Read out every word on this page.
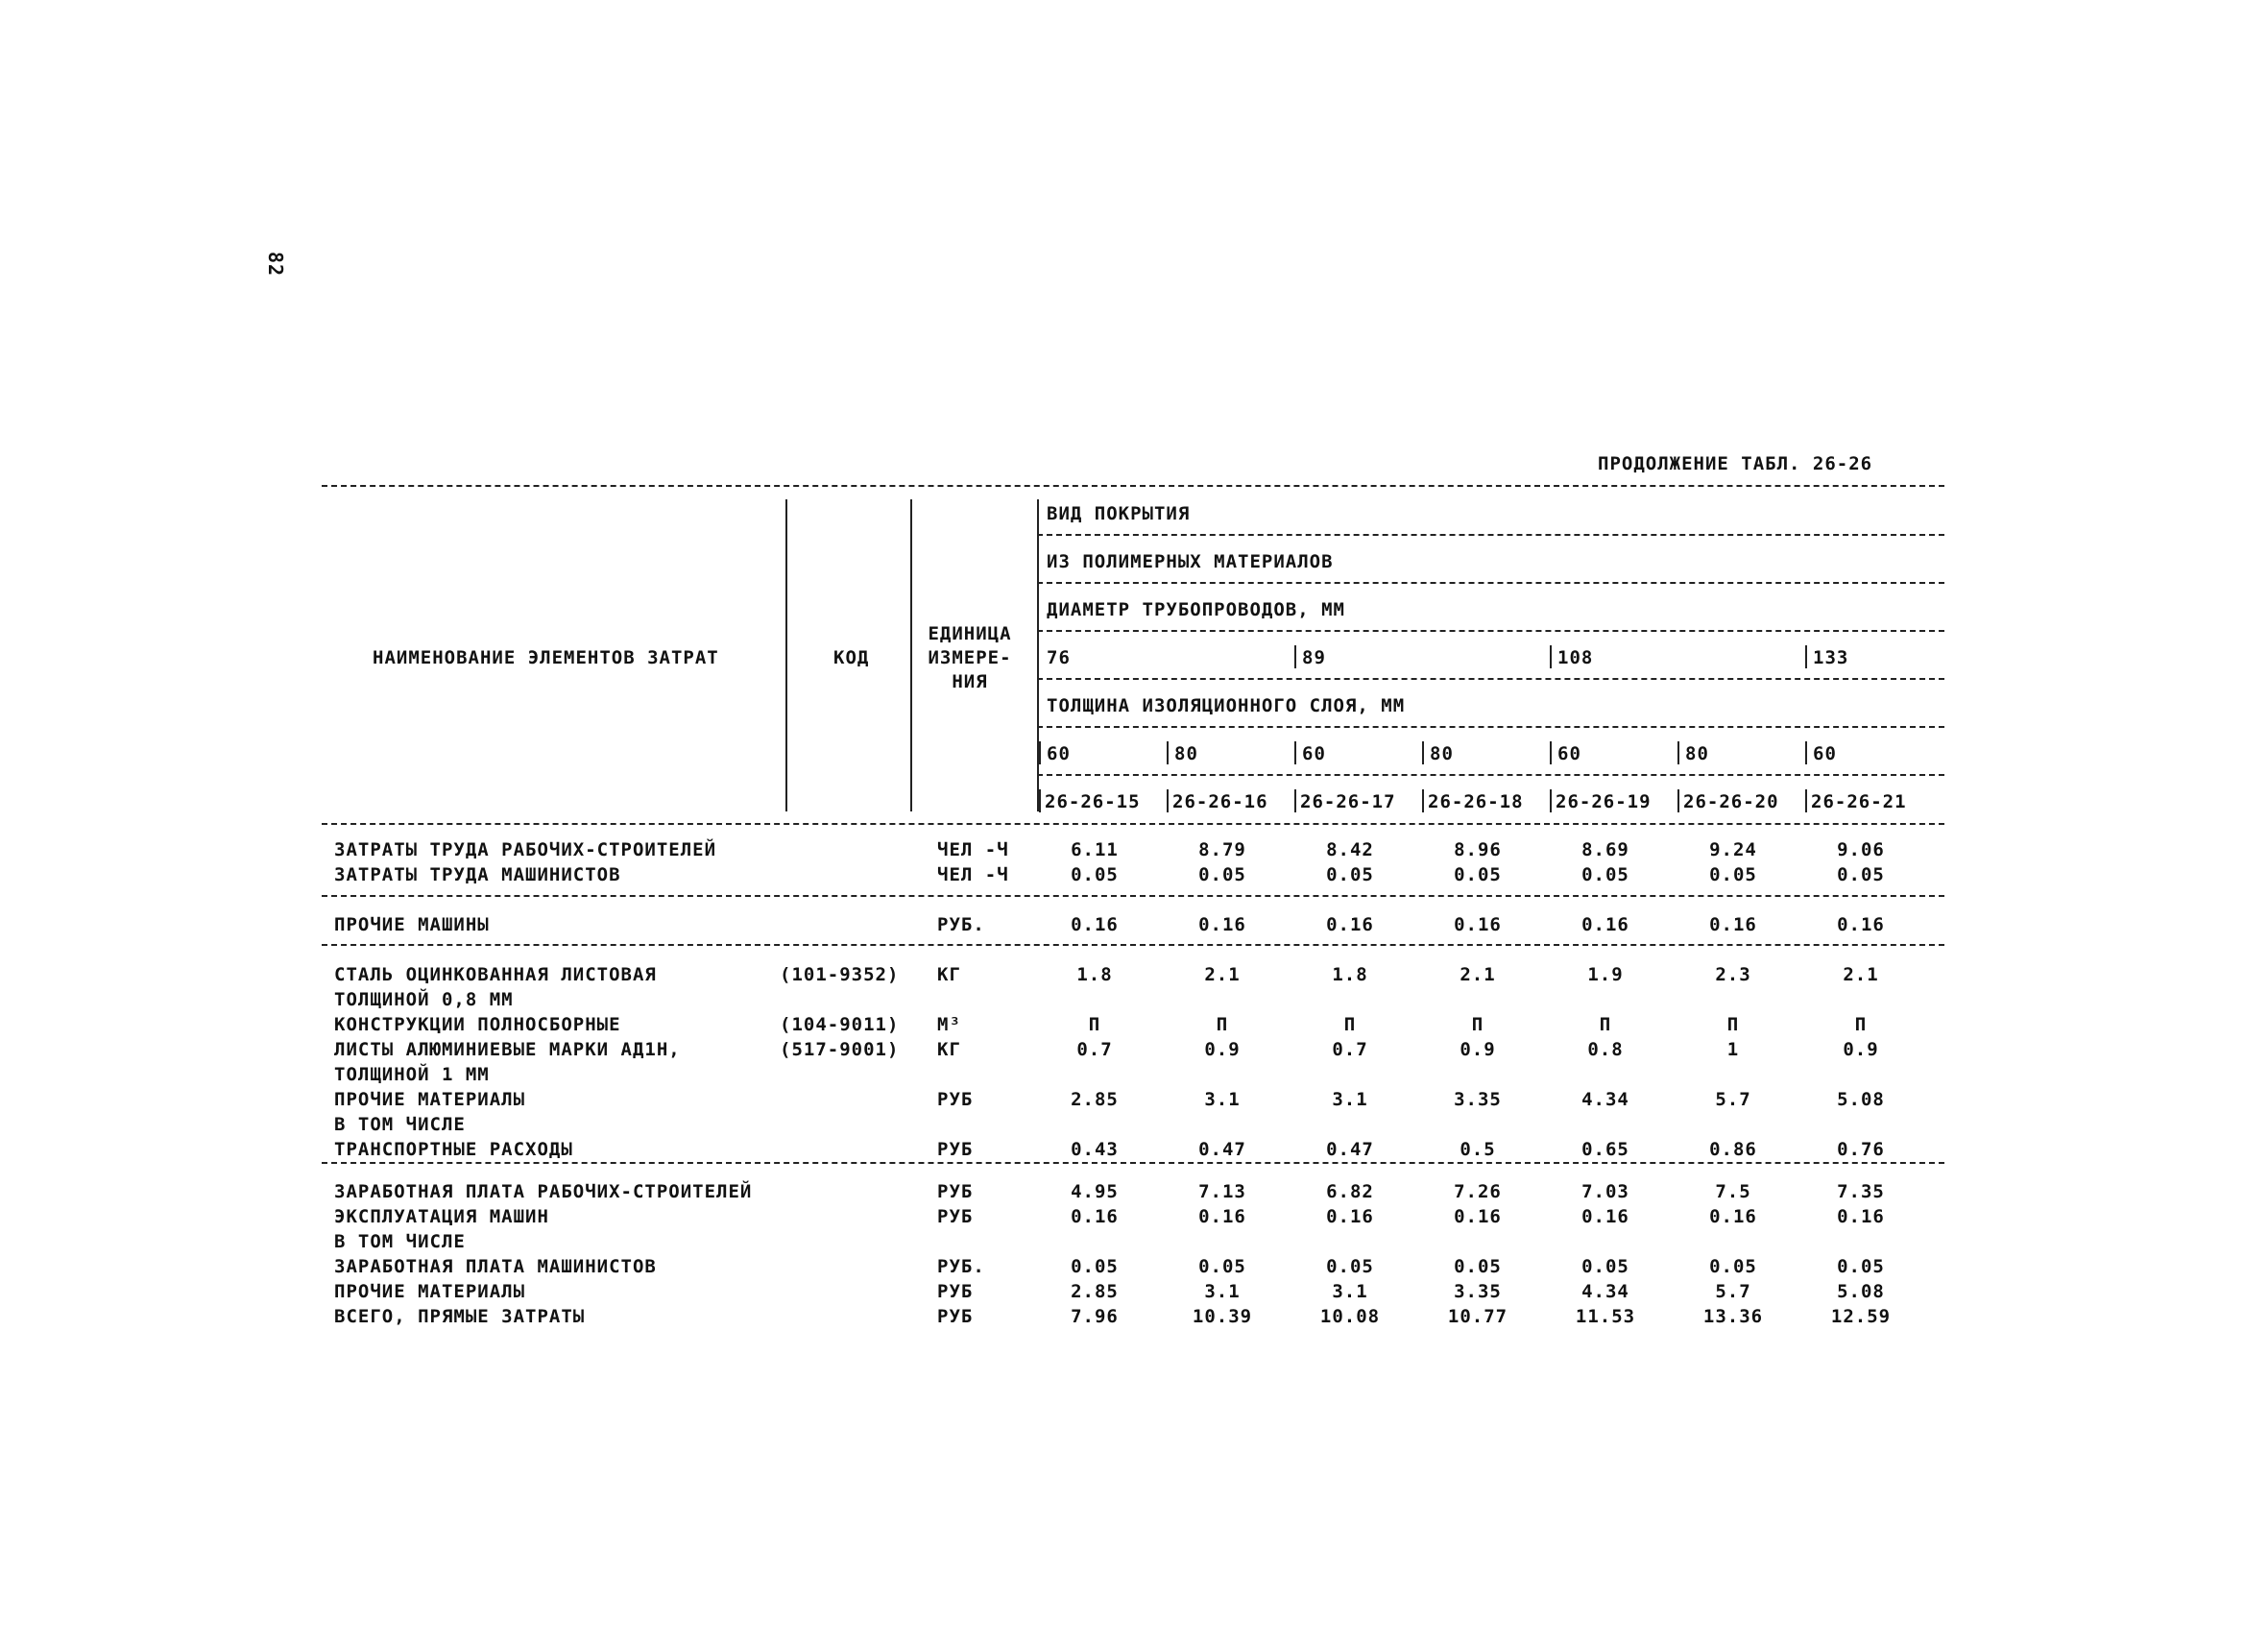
82
ПРОДОЛЖЕНИЕ ТАБЛ. 26-26
НАИМЕНОВАНИЕ ЭЛЕМЕНТОВ ЗАТРАТ	КОД
ЕДИНИЦА
ИЗМЕРЕ-
НИЯ
ВИД ПОКРЫТИЯ
ИЗ ПОЛИМЕРНЫХ МАТЕРИАЛОВ
ДИАМЕТР ТРУБОПРОВОДОВ, ММ
76	89	108	133
ТОЛЩИНА ИЗОЛЯЦИОННОГО СЛОЯ, ММ
60	80	60	80	60	80	60
26-26-15 26-26-16 26-26-17 26-26-18 26-26-19 26-26-20 26-26-21
ЗАТРАТЫ ТРУДА РАБОЧИХ-СТРОИТЕЛЕЙ	ЧЕЛ -Ч	6.11	8.79	8.42	8.96	8.69	9.24	9.06
ЗАТРАТЫ ТРУДА МАШИНИСТОВ	ЧЕЛ -Ч	0.05	0.05	0.05	0.05	0.05	0.05	0.05
ПРОЧИЕ МАШИНЫ	РУБ.	0.16	0.16	0.16	0.16	0.16	0.16	0.16
СТАЛЬ ОЦИНКОВАННАЯ ЛИСТОВАЯ	(101-9352) КГ	1.8	2.1	1.8	2.1	1.9	2.3	2.1
ТОЛЩИНОЙ 0,8 ММ
КОНСТРУКЦИИ ПОЛНОСБОРНЫЕ	(104-9011) М³	П	П	П	П	П	П	П
ЛИСТЫ АЛЮМИНИЕВЫЕ МАРКИ АД1Н,	(517-9001) КГ	0.7	0.9	0.7	0.9	0.8	1	0.9
ТОЛЩИНОЙ 1 ММ
ПРОЧИЕ МАТЕРИАЛЫ	РУБ	2.85	3.1	3.1	3.35	4.34	5.7	5.08
В ТОМ ЧИСЛЕ
ТРАНСПОРТНЫЕ РАСХОДЫ	РУБ	0.43	0.47	0.47	0.5	0.65	0.86	0.76
ЗАРАБОТНАЯ ПЛАТА РАБОЧИХ-СТРОИТЕЛЕЙ	РУБ	4.95	7.13	6.82	7.26	7.03	7.5	7.35
ЭКСПЛУАТАЦИЯ МАШИН	РУБ	0.16	0.16	0.16	0.16	0.16	0.16	0.16
В ТОМ ЧИСЛЕ
ЗАРАБОТНАЯ ПЛАТА МАШИНИСТОВ	РУБ.	0.05	0.05	0.05	0.05	0.05	0.05	0.05
ПРОЧИЕ МАТЕРИАЛЫ	РУБ	2.85	3.1	3.1	3.35	4.34	5.7	5.08
ВСЕГО, ПРЯМЫЕ ЗАТРАТЫ	РУБ	7.96	10.39	10.08	10.77	11.53	13.36	12.59
